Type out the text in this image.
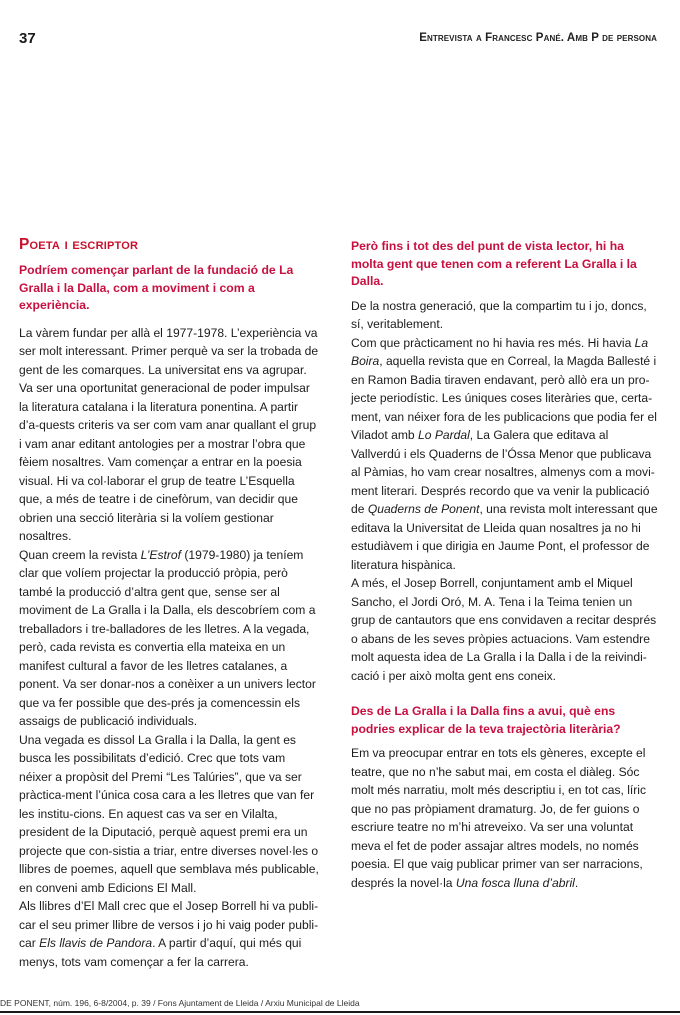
37	Entrevista a Francesc Pané. Amb P de persona
Poeta i escriptor
Podríem començar parlant de la fundació de La Gralla i la Dalla, com a moviment i com a experiència.

La vàrem fundar per allà el 1977-1978. L’experiència va ser molt interessant. Primer perquè va ser la trobada de gent de les comarques. La universitat ens va agrupar. Va ser una oportunitat generacional de poder impulsar la literatura catalana i la literatura ponentina. A partir d’a-quests criteris va ser com vam anar quallant el grup i vam anar editant antologies per a mostrar l’obra que fèiem nosaltres. Vam començar a entrar en la poesia visual. Hi va col·laborar el grup de teatre L’Esquella que, a més de teatre i de cinefòrum, van decidir que obrien una secció literària si la volíem gestionar nosaltres.

Quan creem la revista L’Estrof (1979-1980) ja teníem clar que volíem projectar la producció pròpia, però també la producció d’altra gent que, sense ser al moviment de La Gralla i la Dalla, els descobríem com a treballadors i tre-balladores de les lletres. A la vegada, però, cada revista es convertia ella mateixa en un manifest cultural a favor de les lletres catalanes, a ponent. Va ser donar-nos a conèixer a un univers lector que va fer possible que des-prés ja comencessin els assaigs de publicació individuals.

Una vegada es dissol La Gralla i la Dalla, la gent es busca les possibilitats d’edició. Crec que tots vam néixer a propòsit del Premi “Les Talúries”, que va ser pràctica-ment l’única cosa cara a les lletres que van fer les institu-cions. En aquest cas va ser en Vilalta, president de la Diputació, perquè aquest premi era un projecte que con-sistia a triar, entre diverses novel·les o llibres de poemes, aquell que semblava més publicable, en conveni amb Edicions El Mall.

Als llibres d’El Mall crec que el Josep Borrell hi va publi-car el seu primer llibre de versos i jo hi vaig poder publi-car Els llavis de Pandora. A partir d’aquí, qui més qui menys, tots vam començar a fer la carrera.

Però fins i tot des del punt de vista lector, hi ha molta gent que tenen com a referent La Gralla i la Dalla.

De la nostra generació, que la compartim tu i jo, doncs, sí, veritablement.

Com que pràcticament no hi havia res més. Hi havia La Boira, aquella revista que en Correal, la Magda Ballesté i en Ramon Badia tiraven endavant, però allò era un pro-jecte periodístic. Les úniques coses literàries que, certa-ment, van néixer fora de les publicacions que podia fer el Viladot amb Lo Pardal, La Galera que editava al Vallverdú i els Quaderns de l’Óssa Menor que publicava al Pàmias, ho vam crear nosaltres, almenys com a movi-ment literari. Després recordo que va venir la publicació de Quaderns de Ponent, una revista molt interessant que editava la Universitat de Lleida quan nosaltres ja no hi estudiàvem i que dirigia en Jaume Pont, el professor de literatura hispànica.

A més, el Josep Borrell, conjuntament amb el Miquel Sancho, el Jordi Oró, M. A. Tena i la Teima tenien un grup de cantautors que ens convidaven a recitar després o abans de les seves pròpies actuacions. Vam estendre molt aquesta idea de La Gralla i la Dalla i de la reivindi-cació i per això molta gent ens coneix.

Des de La Gralla i la Dalla fins a avui, què ens podries explicar de la teva trajectòria literària?

Em va preocupar entrar en tots els gèneres, excepte el teatre, que no n’he sabut mai, em costa el diàleg. Sóc molt més narratiu, molt més descriptiu i, en tot cas, líric que no pas pròpiament dramaturg. Jo, de fer guions o escriure teatre no m’hi atreveixo. Va ser una voluntat meva el fet de poder assajar altres models, no només poesia. El que vaig publicar primer van ser narracions, després la novel·la Una fosca lluna d’abril.

DE PONENT, núm. 196, 6-8/2004, p. 39 / Fons Ajuntament de Lleida / Arxiu Municipal de Lleida
